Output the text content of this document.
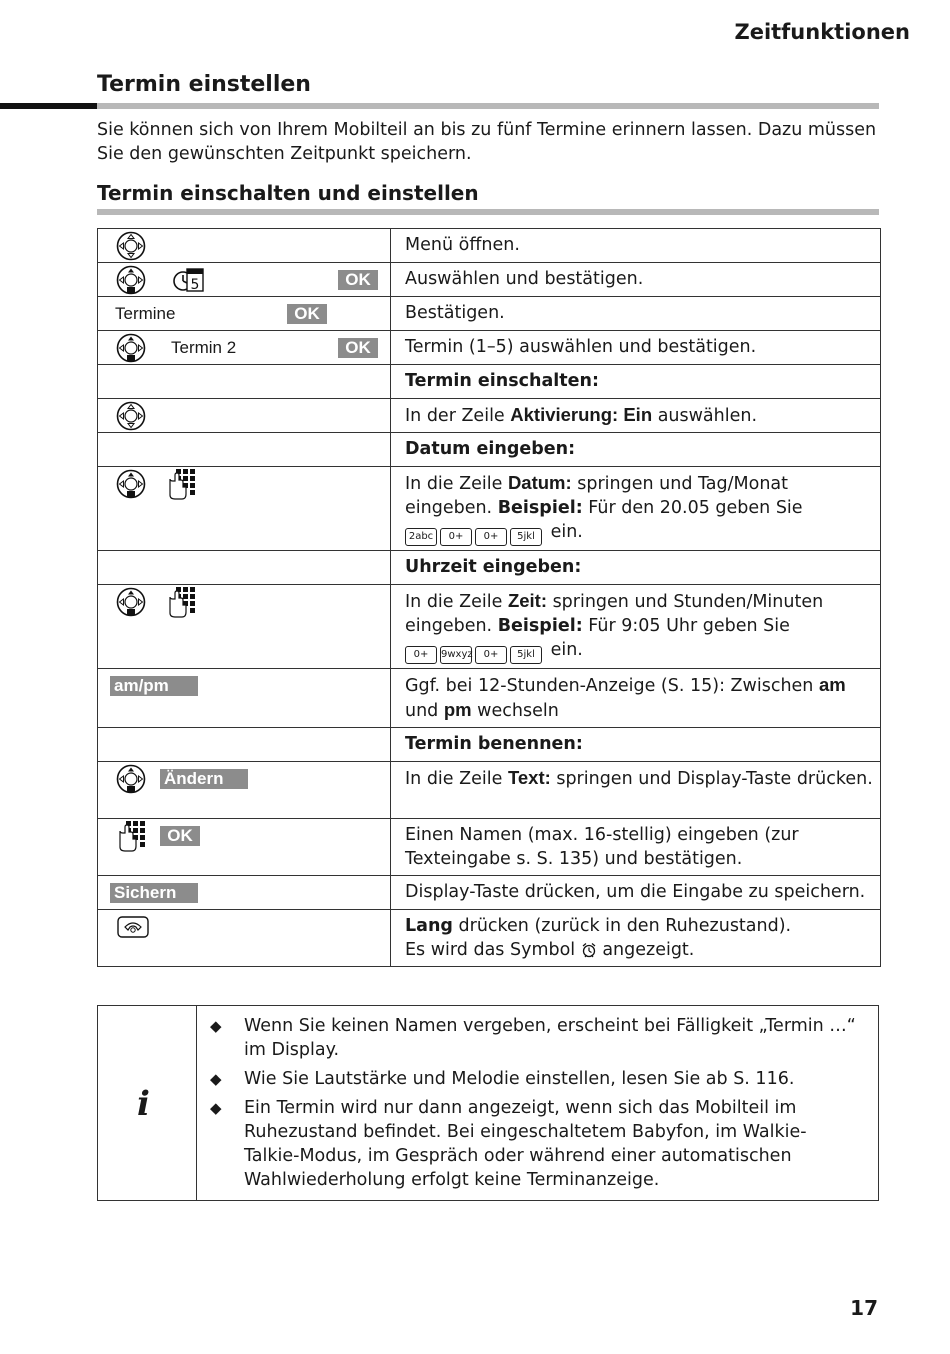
Zeitfunktionen
Termin einstellen
Sie können sich von Ihrem Mobilteil an bis zu fünf Termine erinnern lassen. Dazu müssen Sie den gewünschten Zeitpunkt speichern.
Termin einschalten und einstellen
	Menü öffnen.

OK	Auswählen und bestätigen.

Termine OK	Bestätigen.

Termin 2 OK	Termin (1–5) auswählen und bestätigen.
	Termin einschalten:

	In der Zeile Aktivierung: Ein auswählen.
	Datum eingeben:

	In die Zeile Datum: springen und Tag/Monat eingeben. Beispiel: Für den 20.05 geben Sie
2abc 0+ 0+ 5jkl ein.
	Uhrzeit eingeben:

	In die Zeile Zeit: springen und Stunden/Minuten eingeben. Beispiel: Für 9:05 Uhr geben Sie
0+ 9wxyz 0+ 5jkl ein.

am/pm	Ggf. bei 12-Stunden-Anzeige (S. 15): Zwischen am und pm wechseln
	Termin benennen:

Ändern	In die Zeile Text: springen und Display-Taste drücken.

OK	Einen Namen (max. 16-stellig) eingeben (zur Texteingabe s. S. 135) und bestätigen.

Sichern	Display-Taste drücken, um die Eingabe zu speichern.

	Lang drücken (zurück in den Ruhezustand).
Es wird das Symbol  angezeigt.
i
◆ Wenn Sie keinen Namen vergeben, erscheint bei Fälligkeit „Termin …“ im Display.
◆ Wie Sie Lautstärke und Melodie einstellen, lesen Sie ab S. 116.
◆ Ein Termin wird nur dann angezeigt, wenn sich das Mobilteil im Ruhezustand befindet. Bei eingeschaltetem Babyfon, im Walkie-Talkie-Modus, im Gespräch oder während einer automatischen Wahlwiederholung erfolgt keine Terminanzeige.
17
